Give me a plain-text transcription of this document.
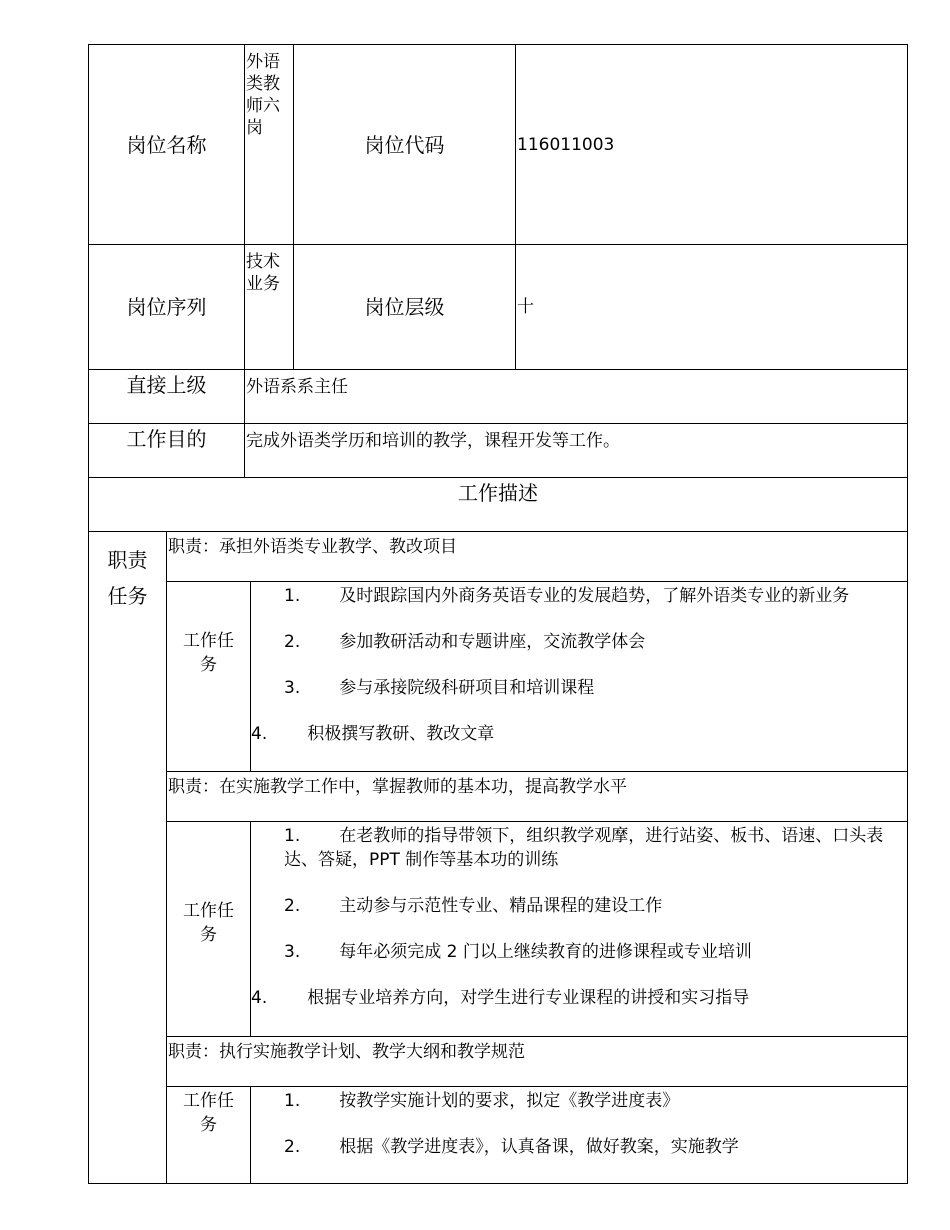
岗位名称		外语类教师六岗		岗位代码	116011003
岗位序列		技术业务		岗位层级	十
直接上级		外语系系主任			
工作目的		完成外语类学历和培训的教学，课程开发等工作。			
工作描述					

职责任务	职责：承担外语类专业教学、教改项目				

	工作任务		1. 及时跟踪国内外商务英语专业的发展趋势，了解外语类专业的新业务
2. 参加教研活动和专题讲座，交流教学体会
3. 参与承接院级科研项目和培训课程
4. 积极撰写教研、教改文章		

	职责：在实施教学工作中，掌握教师的基本功，提高教学水平				

	工作任务		1. 在老教师的指导带领下，组织教学观摩，进行站姿、板书、语速、口头表达、答疑，PPT 制作等基本功的训练
2. 主动参与示范性专业、精品课程的建设工作
3. 每年必须完成 2 门以上继续教育的进修课程或专业培训
4. 根据专业培养方向，对学生进行专业课程的讲授和实习指导		

	职责：执行实施教学计划、教学大纲和教学规范				

	工作任务		1. 按教学实施计划的要求，拟定《教学进度表》
2. 根据《教学进度表》，认真备课，做好教案，实施教学		
